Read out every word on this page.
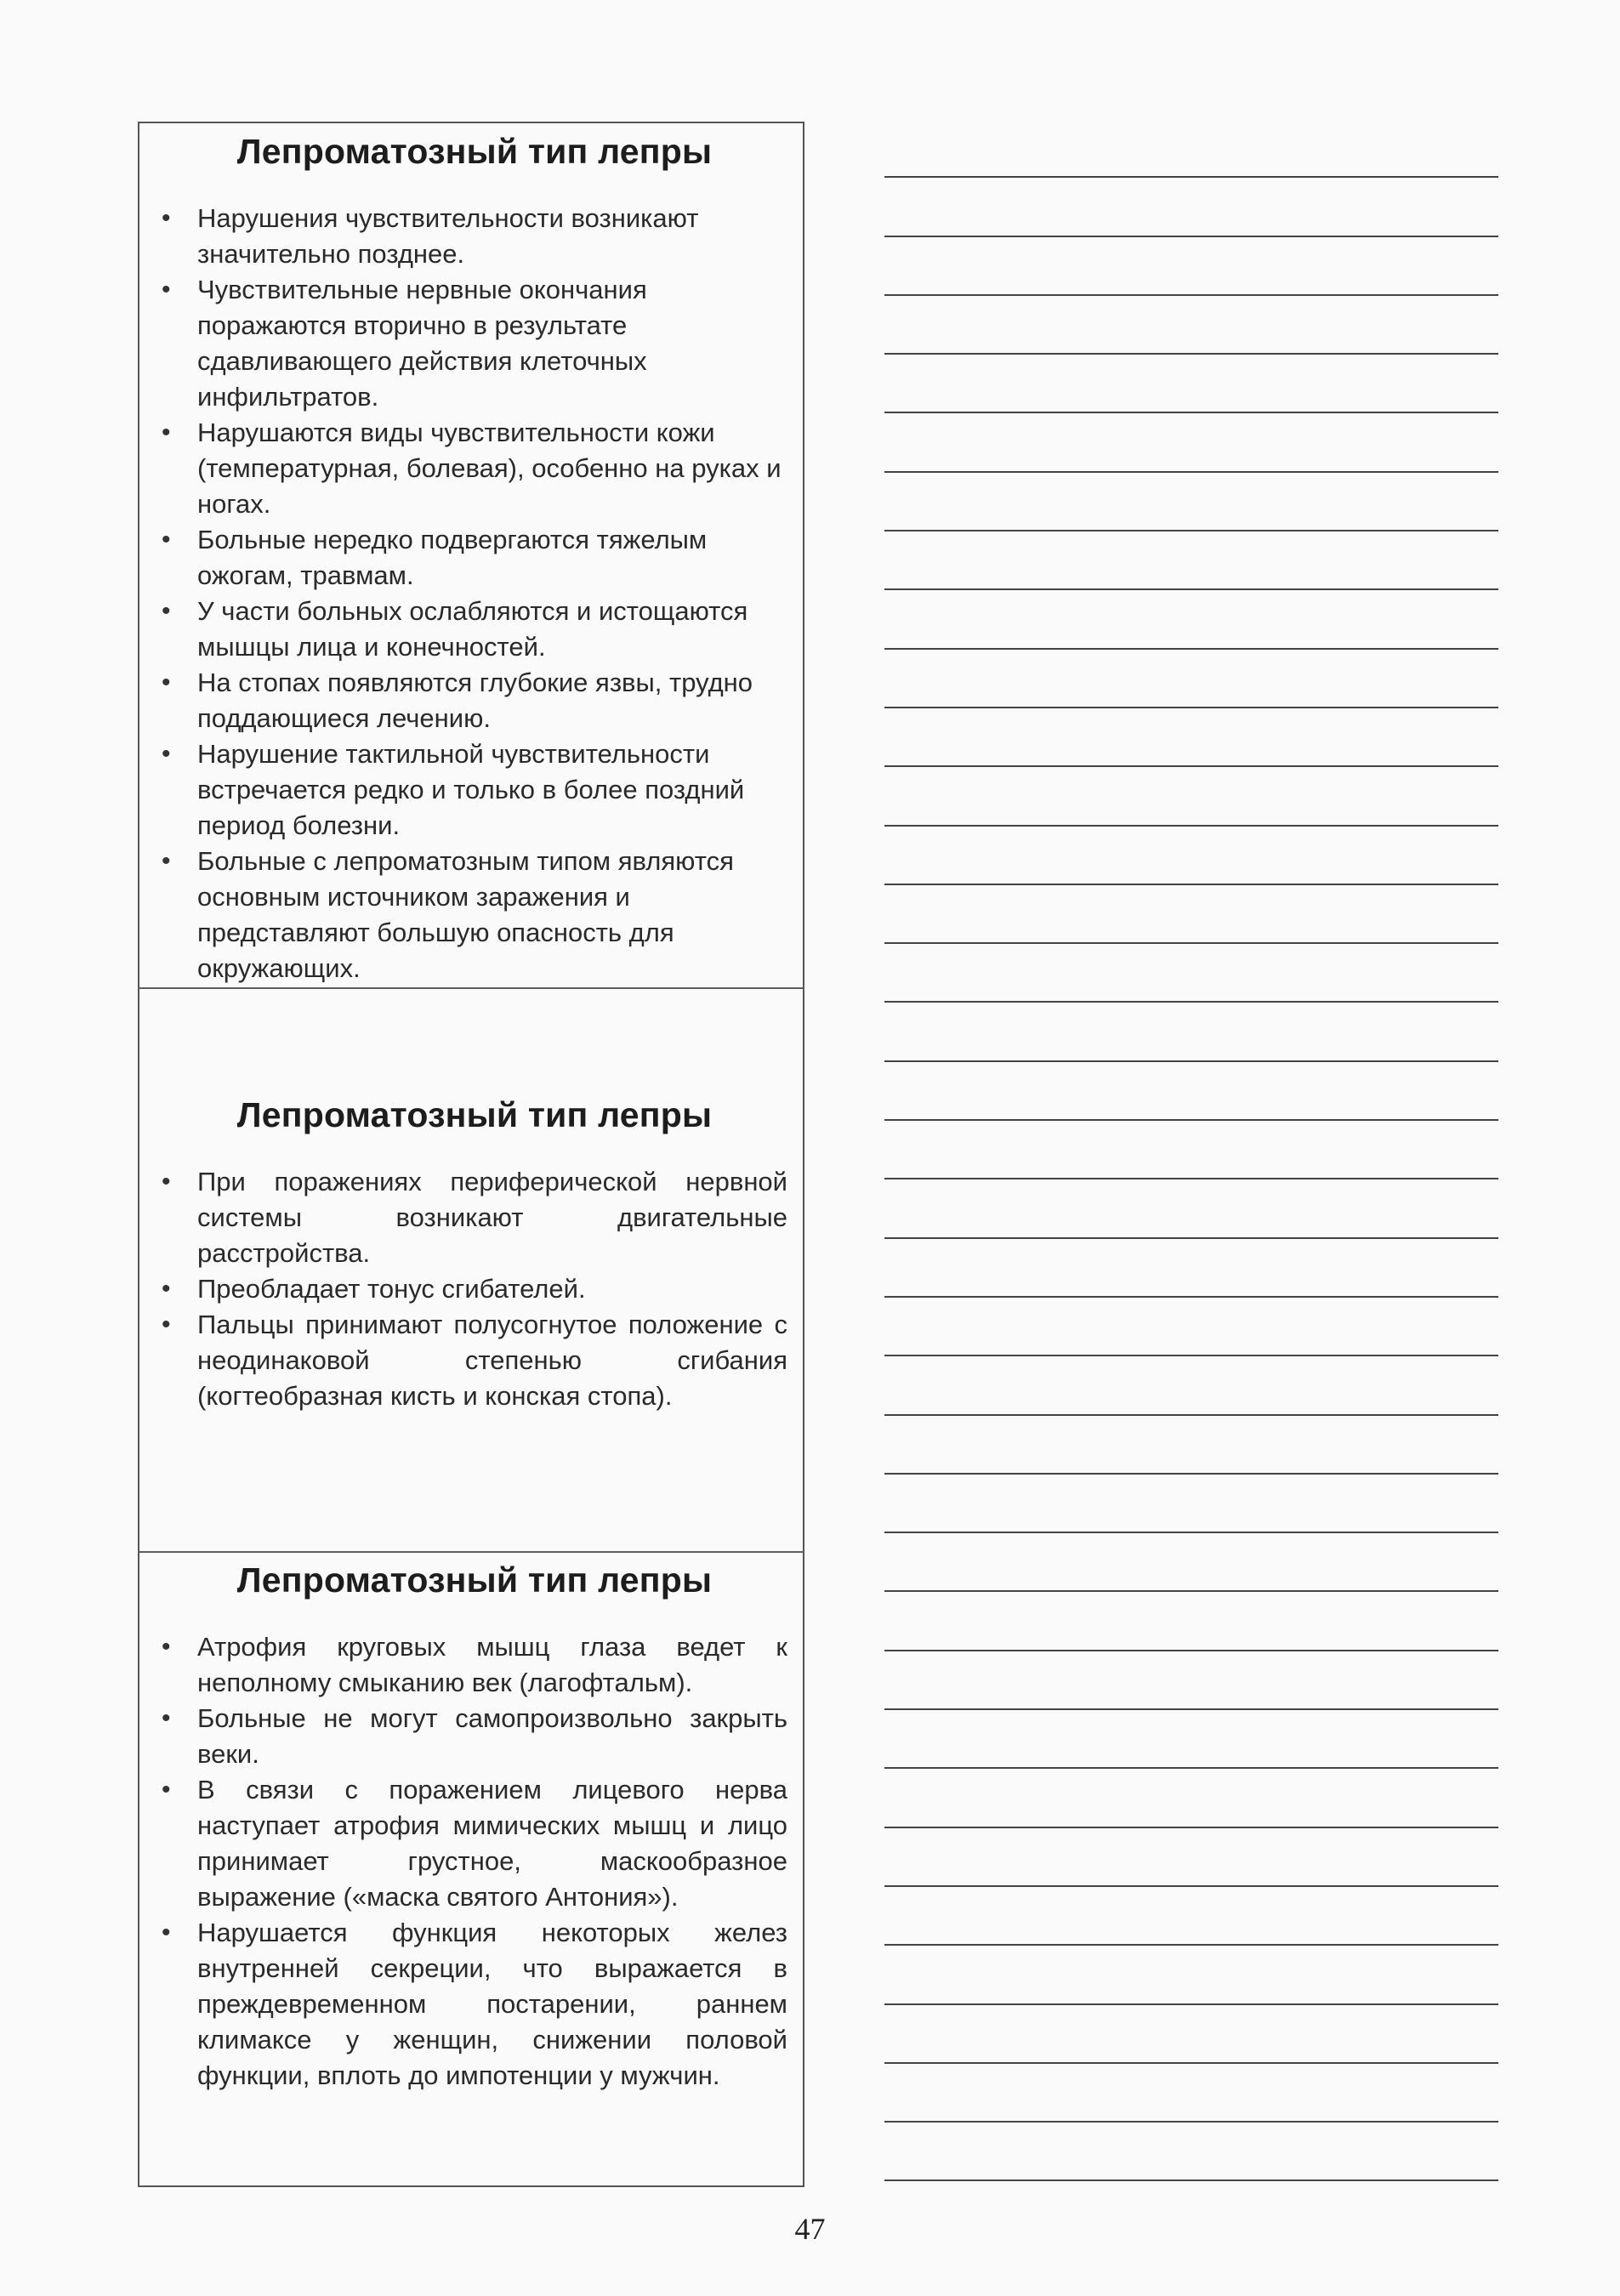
Лепроматозный тип лепры
• Нарушения чувствительности возникают значительно позднее.
• Чувствительные нервные окончания поражаются вторично в результате сдавливающего действия клеточных инфильтратов.
• Нарушаются виды чувствительности кожи (температурная, болевая), особенно на руках и ногах.
• Больные нередко подвергаются тяжелым ожогам, травмам.
• У части больных ослабляются и истощаются мышцы лица и конечностей.
• На стопах появляются глубокие язвы, трудно поддающиеся лечению.
• Нарушение тактильной чувствительности встречается редко и только в более поздний период болезни.
• Больные с лепроматозным типом являются основным источником заражения и представляют большую опасность для окружающих.
Лепроматозный тип лепры
• При поражениях периферической нервной системы возникают двигательные расстройства.
• Преобладает тонус сгибателей.
• Пальцы принимают полусогнутое положение с неодинаковой степенью сгибания (когтеобразная кисть и конская стопа).
Лепроматозный тип лепры
• Атрофия круговых мышц глаза ведет к неполному смыканию век (лагофтальм).
• Больные не могут самопроизвольно закрыть веки.
• В связи с поражением лицевого нерва наступает атрофия мимических мышц и лицо принимает грустное, маскообразное выражение («маска святого Антония»).
• Нарушается функция некоторых желез внутренней секреции, что выражается в преждевременном постарении, раннем климаксе у женщин, снижении половой функции, вплоть до импотенции у мужчин.
47
